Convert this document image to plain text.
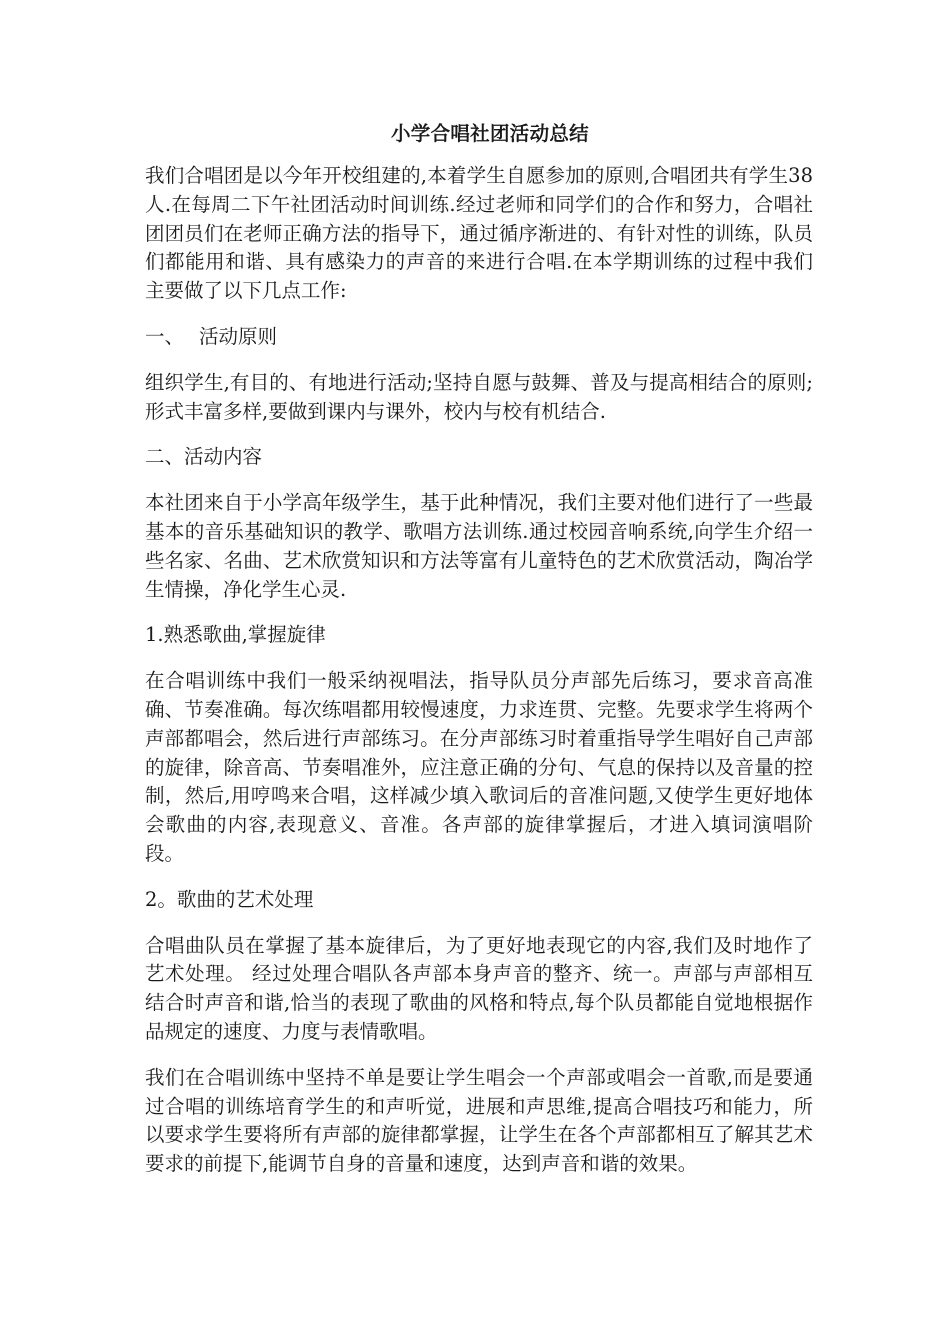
小学合唱社团活动总结

我们合唱团是以今年开校组建的,本着学生自愿参加的原则,合唱团共有学生38人.在每周二下午社团活动时间训练.经过老师和同学们的合作和努力，合唱社团团员们在老师正确方法的指导下，通过循序渐进的、有针对性的训练，队员们都能用和谐、具有感染力的声音的来进行合唱.在本学期训练的过程中我们主要做了以下几点工作:

一、 活动原则

组织学生,有目的、有地进行活动;坚持自愿与鼓舞、普及与提高相结合的原则;形式丰富多样,要做到课内与课外，校内与校有机结合.

二、活动内容

本社团来自于小学高年级学生，基于此种情况，我们主要对他们进行了一些最基本的音乐基础知识的教学、歌唱方法训练.通过校园音响系统,向学生介绍一些名家、名曲、艺术欣赏知识和方法等富有儿童特色的艺术欣赏活动，陶冶学生情操，净化学生心灵.

1.熟悉歌曲,掌握旋律

在合唱训练中我们一般采纳视唱法，指导队员分声部先后练习，要求音高准确、节奏准确。每次练唱都用较慢速度，力求连贯、完整。先要求学生将两个声部都唱会，然后进行声部练习。在分声部练习时着重指导学生唱好自己声部的旋律，除音高、节奏唱准外，应注意正确的分句、气息的保持以及音量的控制，然后,用哼鸣来合唱，这样减少填入歌词后的音准问题,又使学生更好地体会歌曲的内容,表现意义、音准。各声部的旋律掌握后，才进入填词演唱阶段。

2。歌曲的艺术处理

合唱曲队员在掌握了基本旋律后，为了更好地表现它的内容,我们及时地作了艺术处理。 经过处理合唱队各声部本身声音的整齐、统一。声部与声部相互结合时声音和谐,恰当的表现了歌曲的风格和特点,每个队员都能自觉地根据作品规定的速度、力度与表情歌唱。

我们在合唱训练中坚持不单是要让学生唱会一个声部或唱会一首歌,而是要通过合唱的训练培育学生的和声听觉，进展和声思维,提高合唱技巧和能力，所以要求学生要将所有声部的旋律都掌握，让学生在各个声部都相互了解其艺术要求的前提下,能调节自身的音量和速度，达到声音和谐的效果。
